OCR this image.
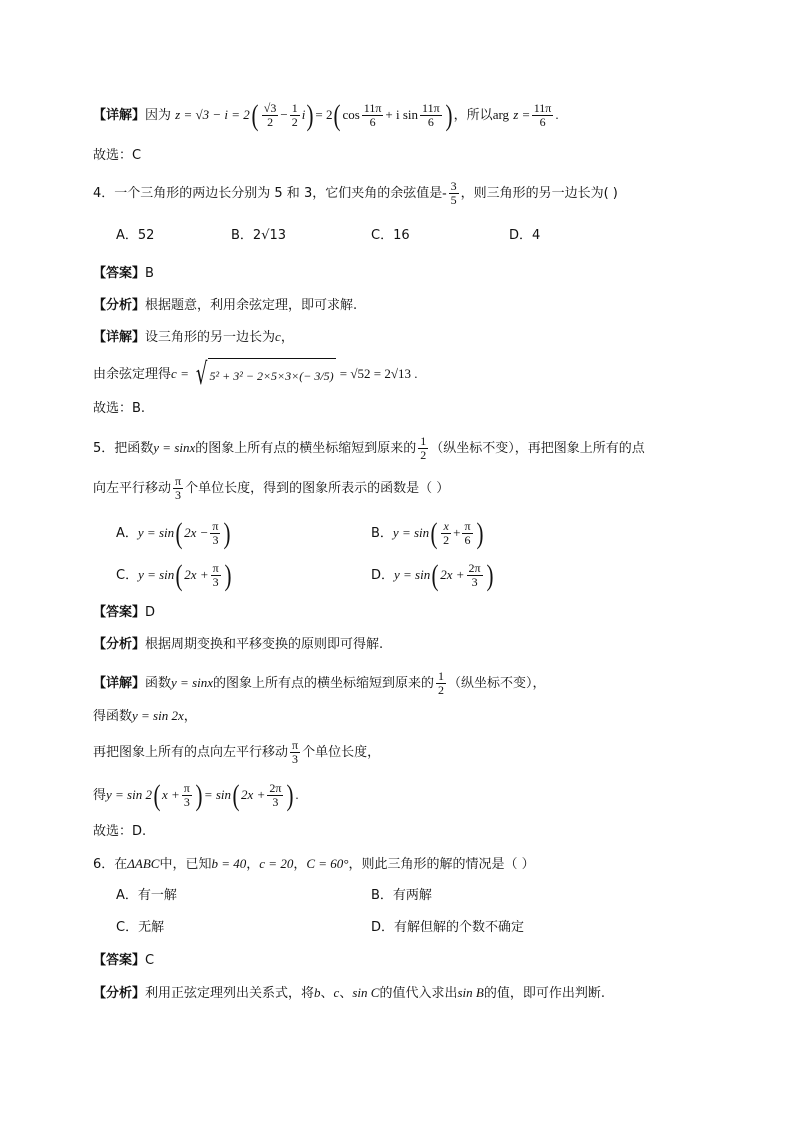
【详解】因为 $z = √3 - i = 2( \frac{√3}{2} - \frac{1}{2} i) = 2$( $\cos \frac{11\pi}{6} + i$ $\sin \frac{11\pi}{6}$ ) ，所以arg $z = \frac{11\pi}{6}$ .
故选：C
4．一个三角形的两边长分别为 5 和 3，它们夹角的余弦值是- $\frac{3}{5}$ ，则三角形的另一边长为( )
A．52	B．2√13	C．16	D．4
【答案】B
【分析】根据题意，利用余弦定理，即可求解.
【详解】设三角形的另一边长为c，
由余弦定理得c = √ 5² + 3² − 2×5×3×(− 3/5) = √52 = 2√13 .
故选：B.
5．把函数y = sinx的图象上所有点的横坐标缩短到原来的 $\frac{1}{2}$ （纵坐标不变），再把图象上所有的点
向左平行移动 $\frac{\pi}{3}$ 个单位长度，得到的图象所表示的函数是（ ）
A．y = sin( $2x - \frac{\pi}{3}$ )	B．$y = \sin( \frac{x}{2} + \frac{\pi}{6}$ )
C．y = sin( $2x + \frac{\pi}{3}$ )	D．y = sin( $2x + \frac{2\pi}{3}$ )
【答案】D
【分析】根据周期变换和平移变换的原则即可得解.
【详解】函数y = sinx的图象上所有点的横坐标缩短到原来的 $\frac{1}{2}$ （纵坐标不变），
得函数y = sin 2x，
再把图象上所有的点向左平行移动 $\frac{\pi}{3}$ 个单位长度，
得y = sin 2( $x + \frac{\pi}{3}$ ) = sin( $2x + \frac{2\pi}{3}$ ) .
故选：D.
6．在ΔABC中，已知b = 40，c = 20，C = 60°，则此三角形的解的情况是（ ）
A．有一解	B．有两解
C．无解	D．有解但解的个数不确定
【答案】C
【分析】利用正弦定理列出关系式，将b、c、sin C的值代入求出sin B的值，即可作出判断.
